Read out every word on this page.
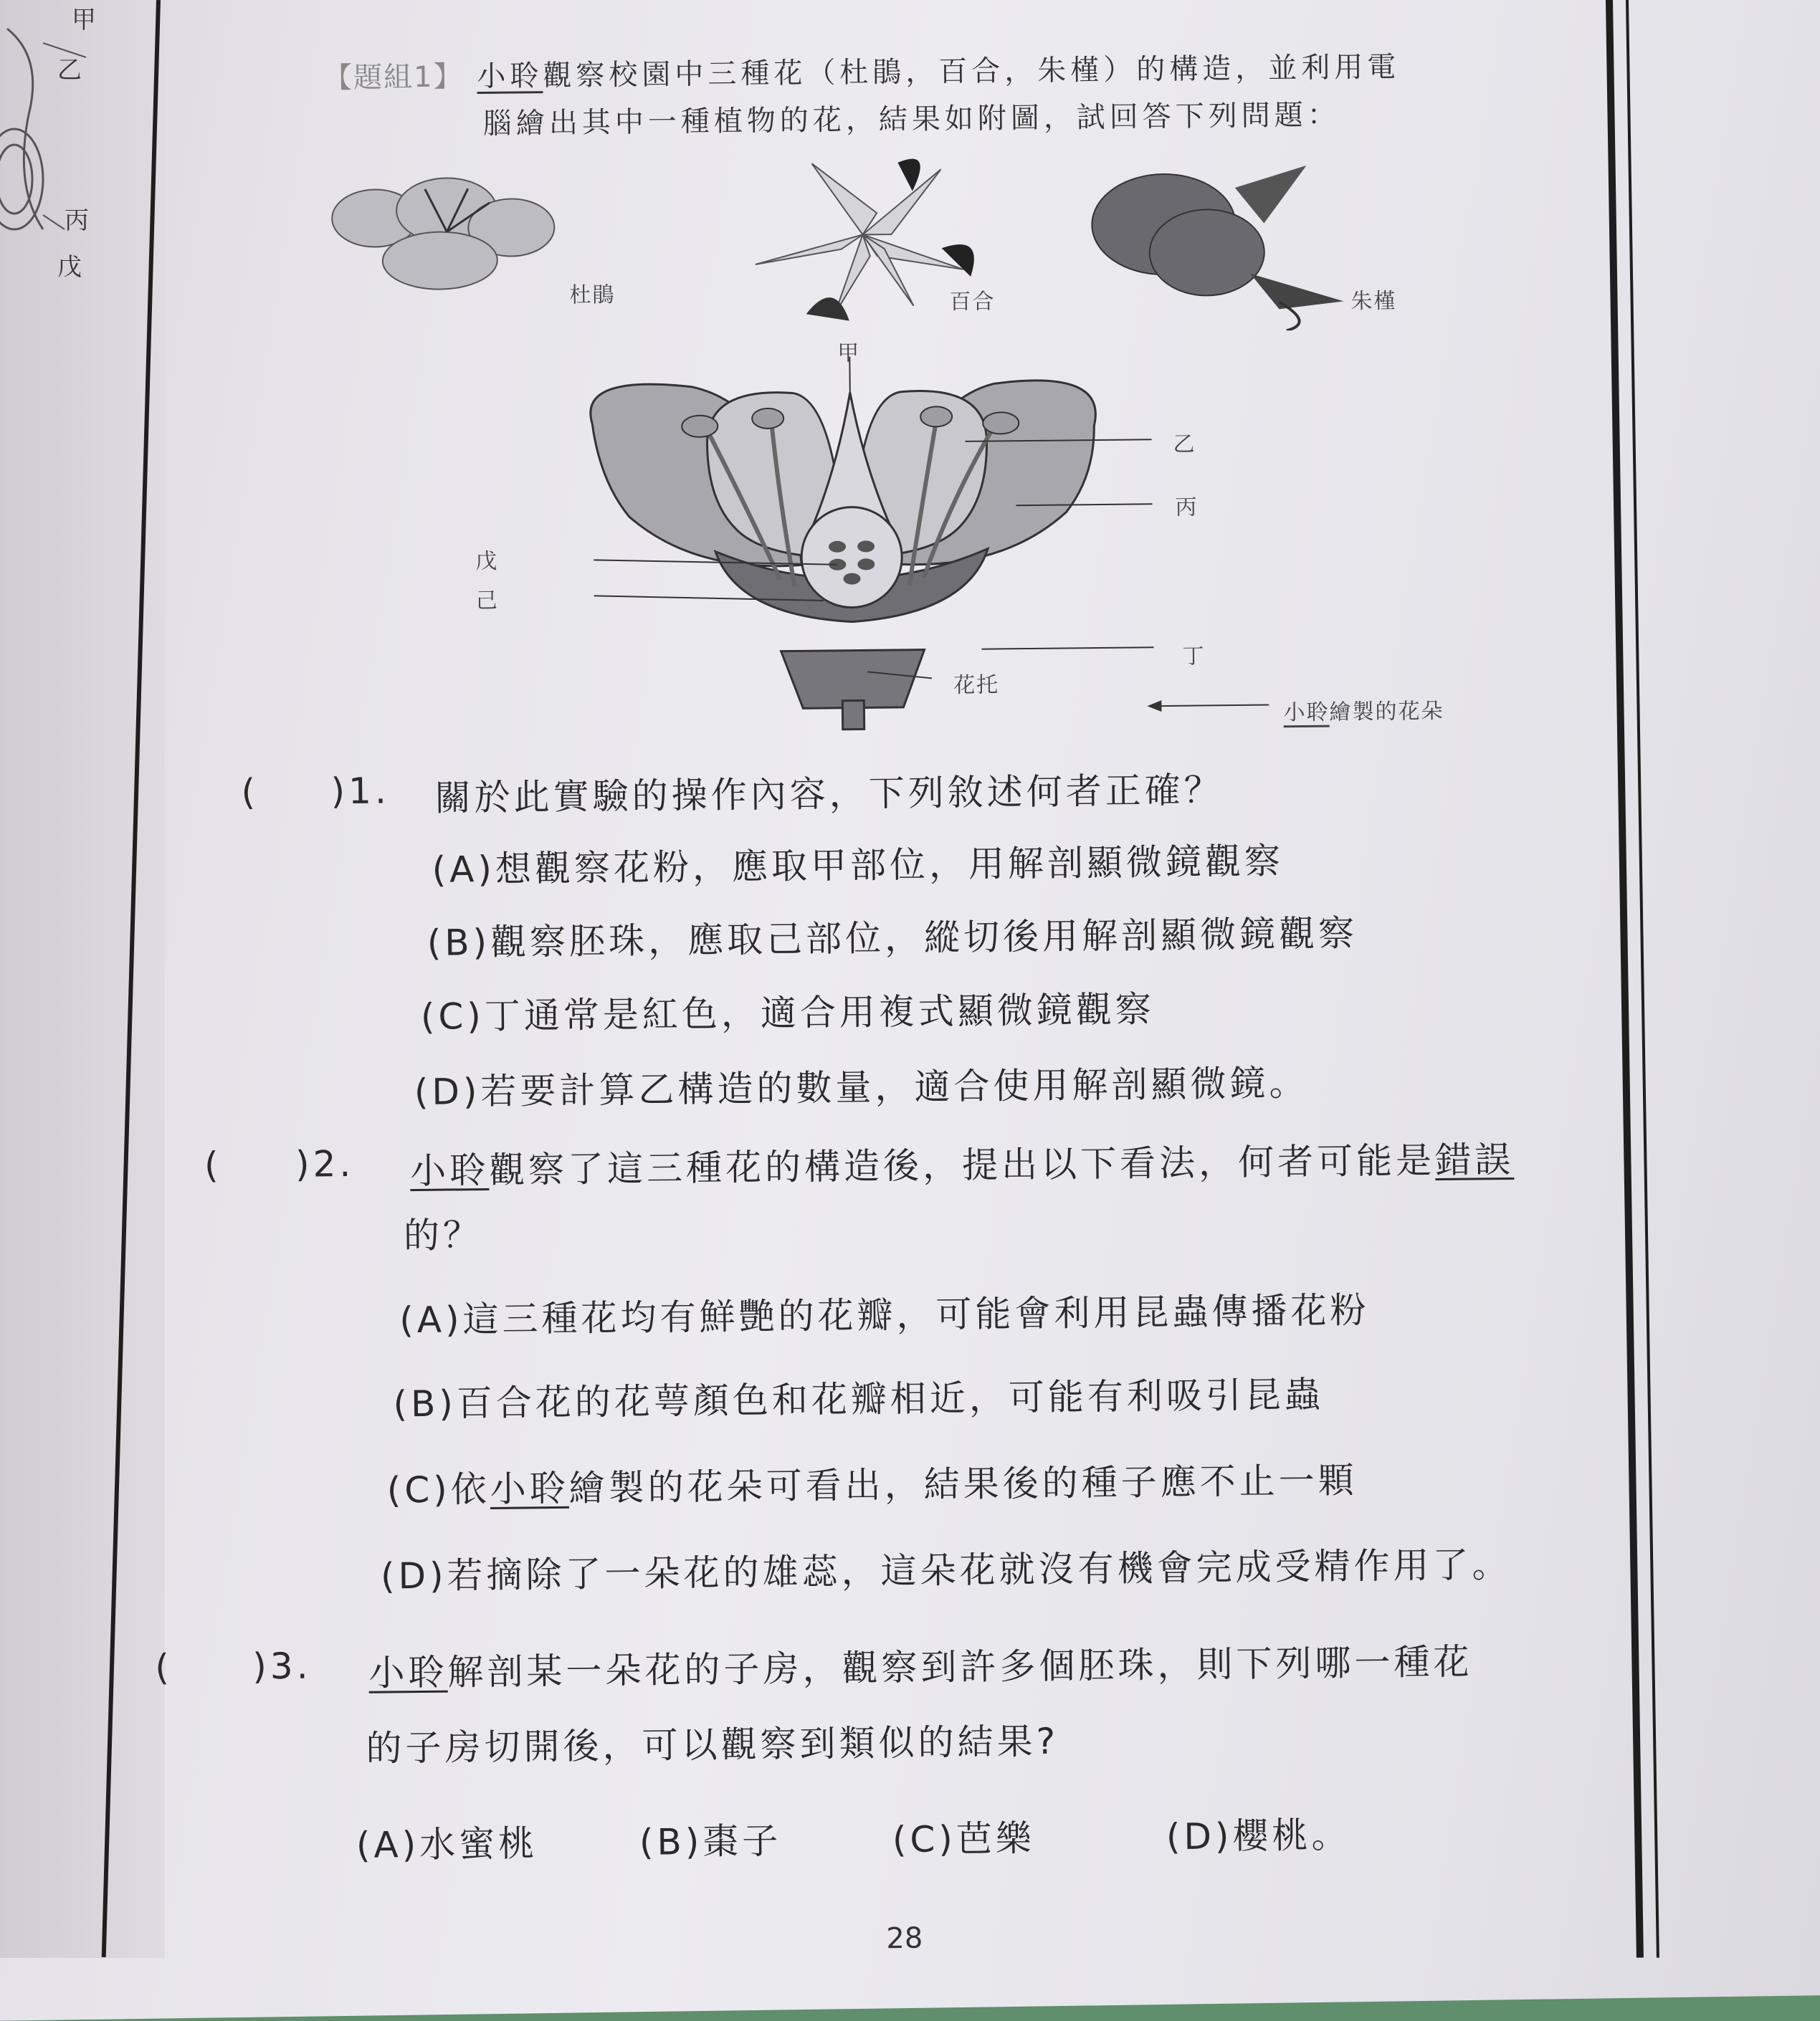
甲
乙
丙
戊
【題組1】 小聆觀察校園中三種花（杜鵑，百合，朱槿）的構造，並利用電
腦繪出其中一種植物的花，結果如附圖，試回答下列問題：
杜鵑	百合	朱槿
甲
乙
丙
戊
己
丁
花托
小聆繪製的花朵
( )1. 關於此實驗的操作內容，下列敘述何者正確？
(A)想觀察花粉，應取甲部位，用解剖顯微鏡觀察
(B)觀察胚珠，應取己部位，縱切後用解剖顯微鏡觀察
(C)丁通常是紅色，適合用複式顯微鏡觀察
(D)若要計算乙構造的數量，適合使用解剖顯微鏡。
( )2. 小聆觀察了這三種花的構造後，提出以下看法，何者可能是錯誤
的？
(A)這三種花均有鮮艷的花瓣，可能會利用昆蟲傳播花粉
(B)百合花的花萼顏色和花瓣相近，可能有利吸引昆蟲
(C)依小聆繪製的花朵可看出，結果後的種子應不止一顆
(D)若摘除了一朵花的雄蕊，這朵花就沒有機會完成受精作用了。
( )3. 小聆解剖某一朵花的子房，觀察到許多個胚珠，則下列哪一種花
的子房切開後，可以觀察到類似的結果?
(A)水蜜桃	(B)棗子	(C)芭樂	(D)櫻桃。
28
